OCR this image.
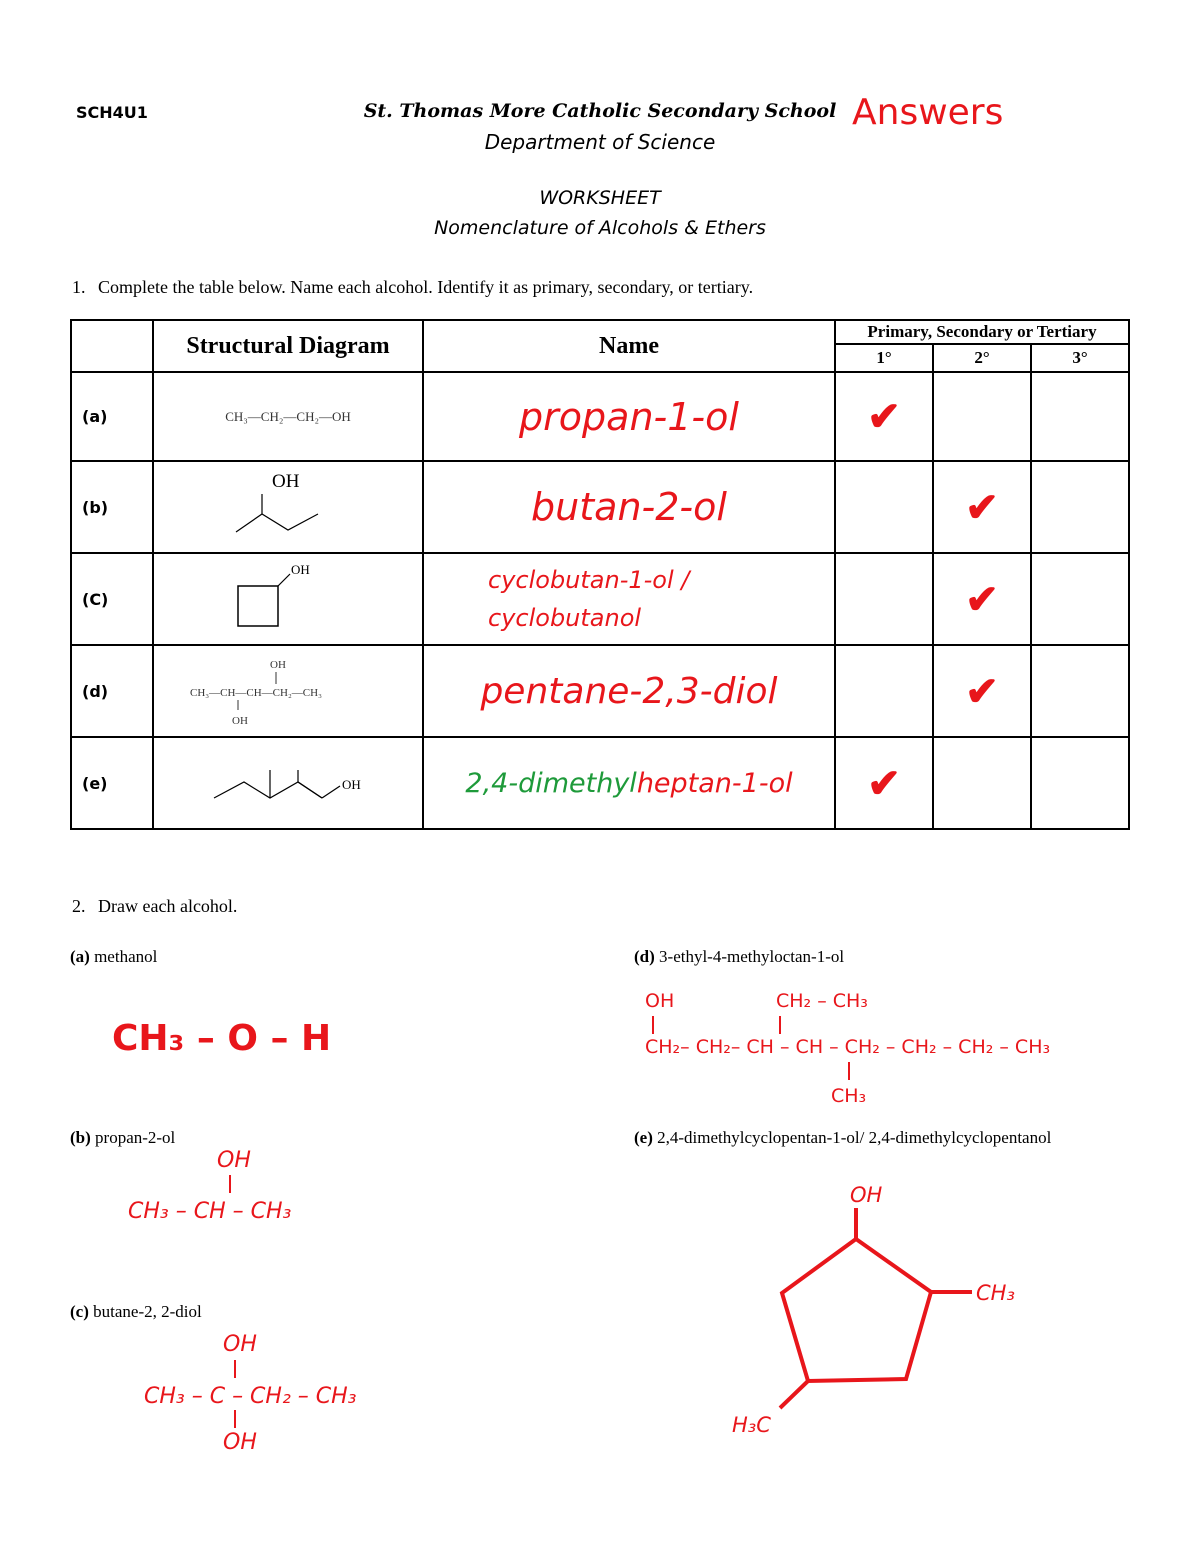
SCH4U1	St. Thomas More Catholic Secondary School
Department of Science
Answers
WORKSHEET
Nomenclature of Alcohols & Ethers
1. Complete the table below. Name each alcohol. Identify it as primary, secondary, or tertiary.
	Structural Diagram	Name	Primary, Secondary or Tertiary		
			1°	2°	3°
(a)	CH₃—CH₂—CH₂—OH	propan-1-ol	✔		
(b)	OH	butan-2-ol		✔	
(C)	OH	cyclobutan-1-ol /
cyclobutanol		✔	
(d)	OH
CH₃—CH—CH—CH₂—CH₃
OH	pentane-2,3-diol		✔	
(e)	OH	2,4-dimethylheptan-1-ol	✔		
2. Draw each alcohol.
(a) methanol
CH₃ – O – H
(b) propan-2-ol
OH
CH₃ – CH – CH₃
(c) butane-2, 2-diol
OH
CH₃ – C – CH₂ – CH₃
OH
(d) 3-ethyl-4-methyloctan-1-ol
OH	CH₂ – CH₃
CH₂– CH₂– CH – CH – CH₂ – CH₂ – CH₂ – CH₃
CH₃
(e) 2,4-dimethylcyclopentan-1-ol/ 2,4-dimethylcyclopentanol
OH
CH₃
H₃C
